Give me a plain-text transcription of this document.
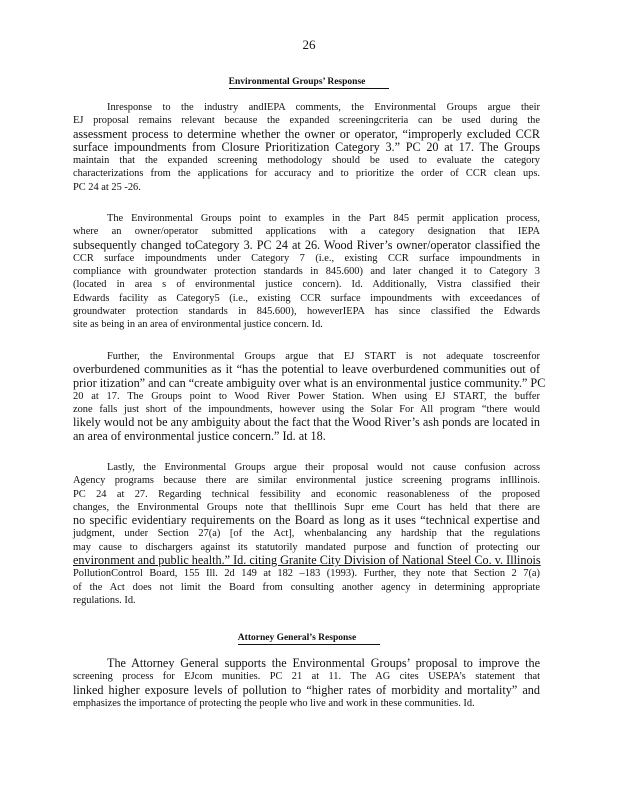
26
Environmental Groups’ Response
Inresponse to the industry andIEPA comments, the Environmental Groups argue their
EJ proposal remains relevant because the expanded screeningcriteria can be used during the
assessment process to determine whether the owner or operator, “improperly excluded CCR
surface impoundments from Closure Prioritization Category 3.” PC 20 at 17. The Groups
maintain that the expanded screening methodology should be used to evaluate the category
characterizations from the applications for accuracy and to prioritize the order of CCR clean ups.
PC 24 at 25 -26.
The Environmental Groups point to examples in the Part 845 permit application process,
where an owner/operator submitted applications with a category designation that IEPA
subsequently changed toCategory 3. PC 24 at 26. Wood River’s owner/operator classified the
CCR surface impoundments under Category 7 (i.e., existing CCR surface impoundments in
compliance with groundwater protection standards in 845.600) and later changed it to Category 3
(located in area s of environmental justice concern). Id. Additionally, Vistra classified their
Edwards facility as Category5 (i.e., existing CCR surface impoundments with exceedances of
groundwater protection standards in 845.600), howeverIEPA has since classified the Edwards
site as being in an area of environmental justice concern. Id.
Further, the Environmental Groups argue that EJ START is not adequate toscreenfor
overburdened communities as it “has the potential to leave overburdened communities out of
prior itization” and can “create ambiguity over what is an environmental justice community.” PC
20 at 17. The Groups point to Wood River Power Station. When using EJ START, the buffer
zone falls just short of the impoundments, however using the Solar For All program “there would
likely would not be any ambiguity about the fact that the Wood River’s ash ponds are located in
an area of environmental justice concern.” Id. at 18.
Lastly, the Environmental Groups argue their proposal would not cause confusion across
Agency programs because there are similar environmental justice screening programs inIllinois.
PC 24 at 27. Regarding technical fessibility and economic reasonableness of the proposed
changes, the Environmental Groups note that theIllinois Supr eme Court has held that there are
no specific evidentiary requirements on the Board as long as it uses “technical expertise and
judgment, under Section 27(a) [of the Act], whenbalancing any hardship that the regulations
may cause to dischargers against its statutorily mandated purpose and function of protecting our
environment and public health.” Id. citing Granite City Division of National Steel Co. v. Illinois
PollutionControl Board, 155 Ill. 2d 149 at 182 –183 (1993). Further, they note that Section 2 7(a)
of the Act does not limit the Board from consulting another agency in determining appropriate
regulations. Id.
Attorney General’s Response
The Attorney General supports the Environmental Groups’ proposal to improve the
screening process for EJcom munities. PC 21 at 11. The AG cites USEPA’s statement that
linked higher exposure levels of pollution to “higher rates of morbidity and mortality” and
emphasizes the importance of protecting the people who live and work in these communities. Id.
